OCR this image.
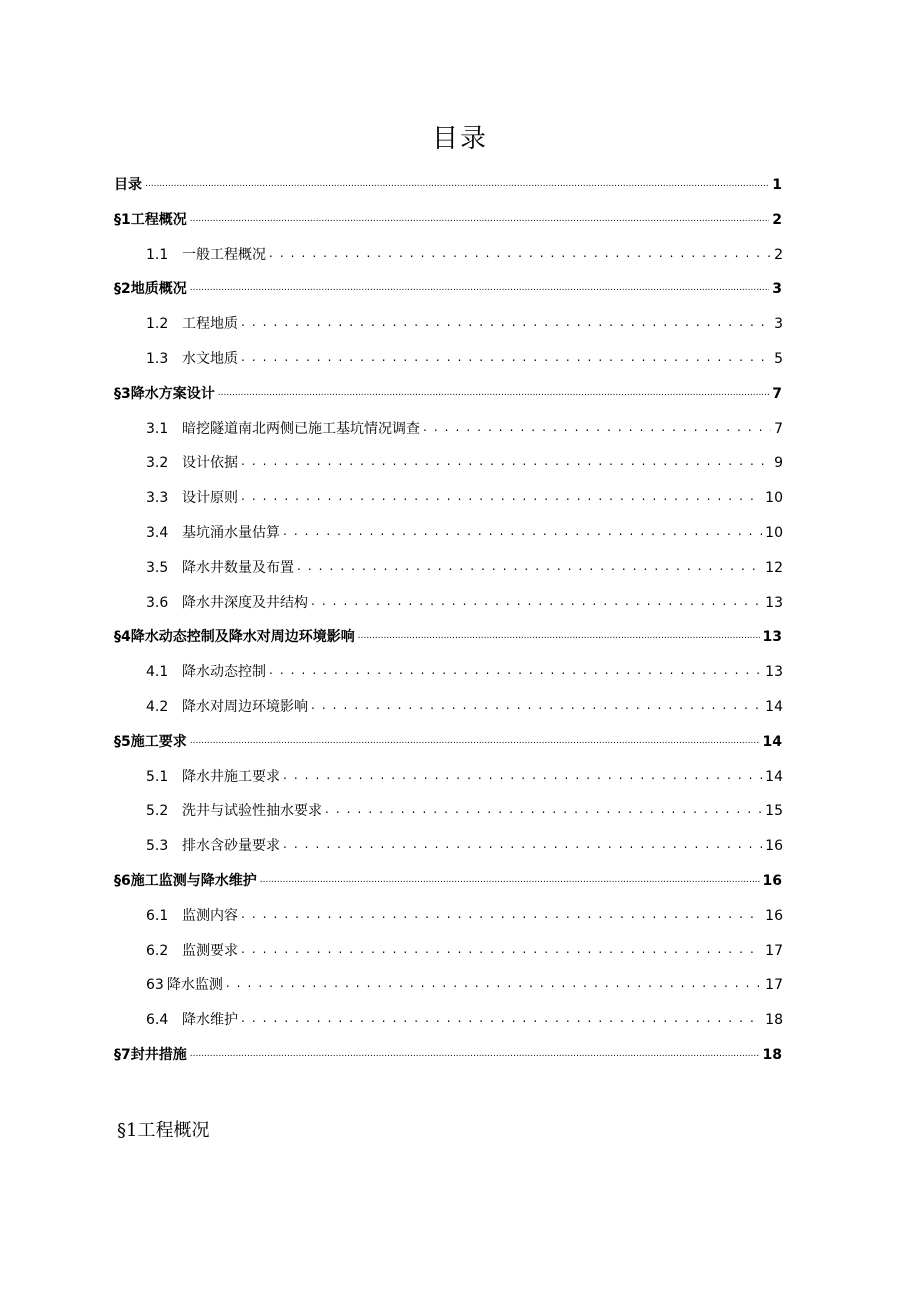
目录
目录 .....	1
§1工程概况 .....	2
1.1 一般工程概况 . . .	2
§2地质概况 .....	3
1.2 工程地质 . . .	3
1.3 水文地质 . . .	5
§3降水方案设计 .....	7
3.1 暗挖隧道南北两侧已施工基坑情况调查 . . .	7
3.2 设计依据 . . .	9
3.3 设计原则 . . .	10
3.4 基坑涌水量估算 . . .	10
3.5 降水井数量及布置 . . .	12
3.6 降水井深度及井结构 . . .	13
§4降水动态控制及降水对周边环境影响 .....	13
4.1 降水动态控制 . . .	13
4.2 降水对周边环境影响 . . .	14
§5施工要求 .....	14
5.1 降水井施工要求 . . .	14
5.2 洗井与试验性抽水要求 . . .	15
5.3 排水含砂量要求 . . .	16
§6施工监测与降水维护 .....	16
6.1 监测内容 . . .	16
6.2 监测要求 . . .	17
63 降水监测 . . .	17
6.4 降水维护 . . .	18
§7封井措施 .....	18
§1工程概况
